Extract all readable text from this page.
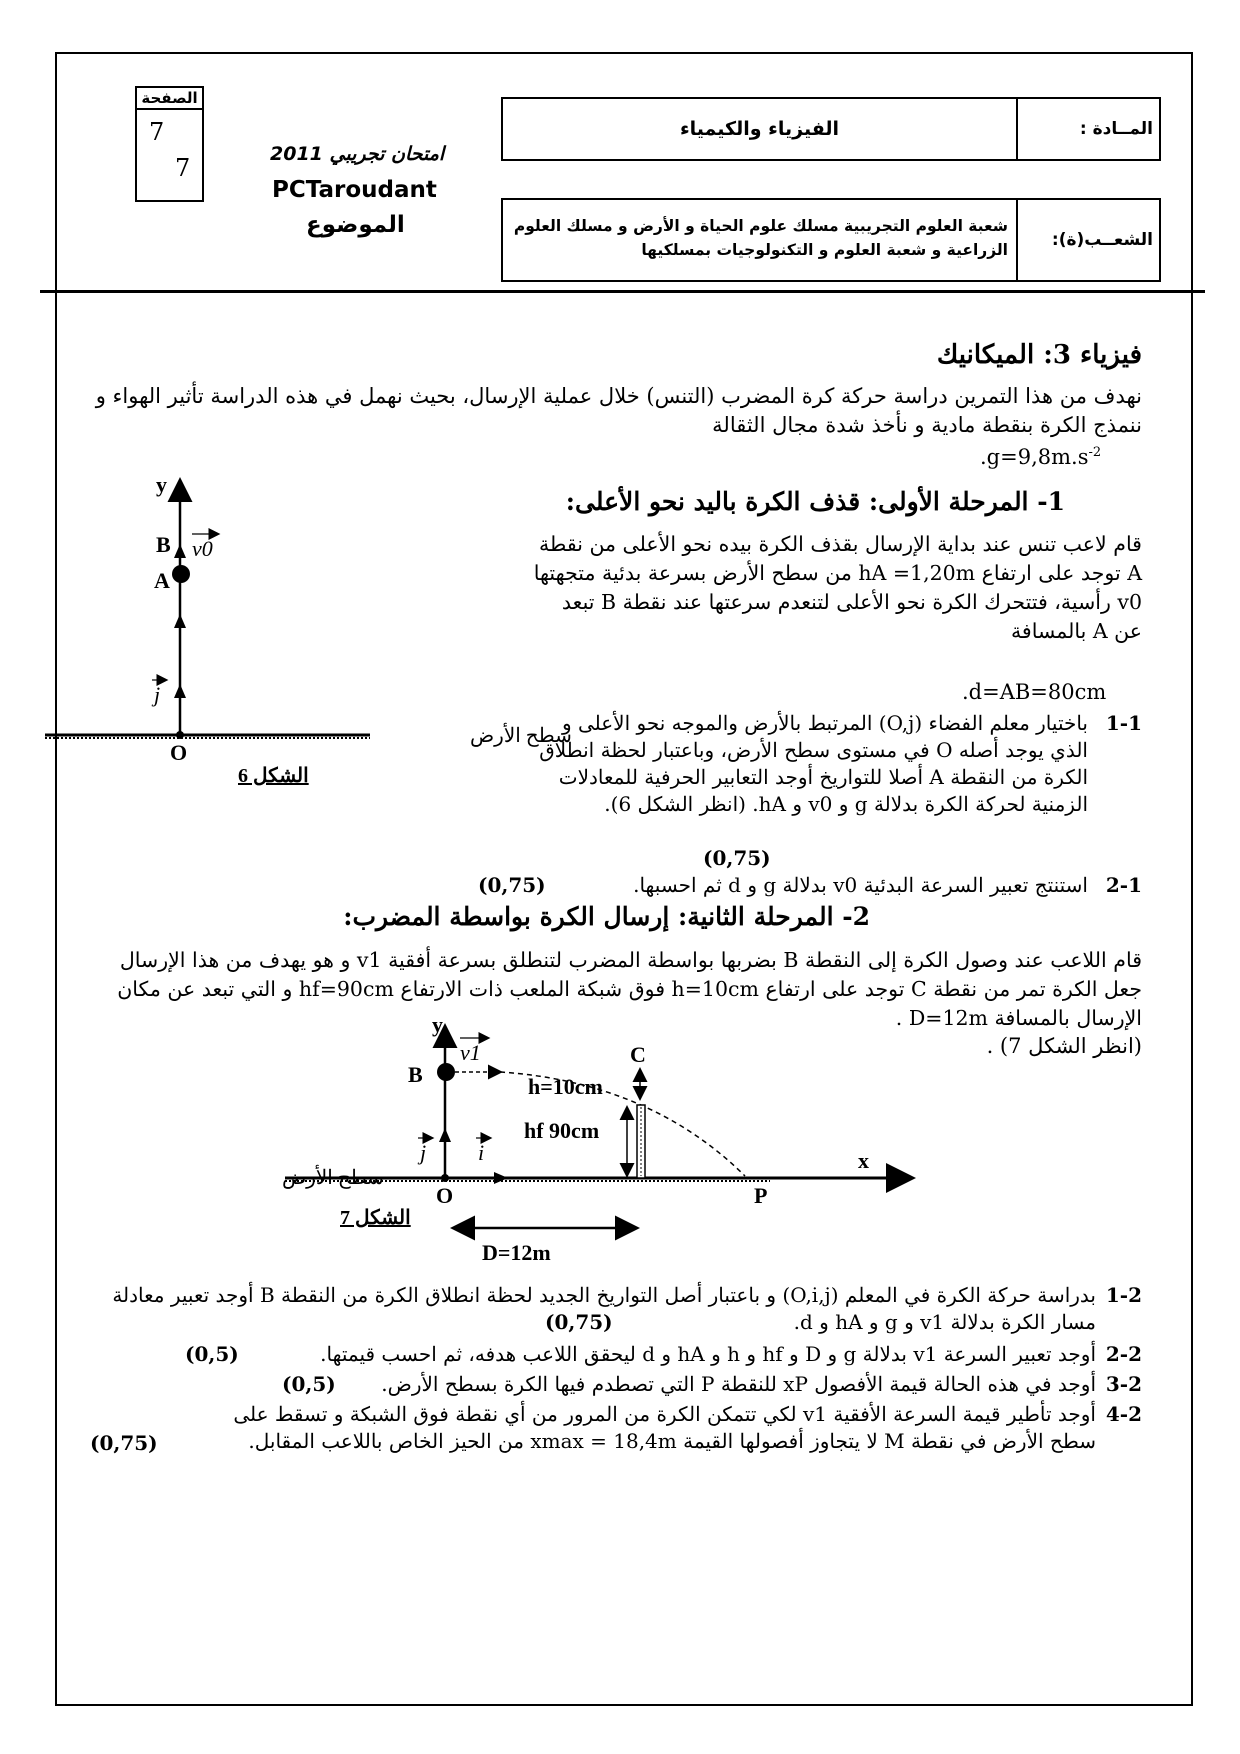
الصفحة
7
7	امتحان تجريبي 2011
PCTaroudant
الموضوع
الفيزياء والكيمياء	المــادة :
شعبة العلوم التجريبية مسلك علوم الحياة و الأرض و مسلك العلوم الزراعية و شعبة العلوم و التكنولوجيات بمسلكيها	الشعــب(ة):
فيزياء 3: الميكانيك
نهدف من هذا التمرين دراسة حركة كرة المضرب (التنس) خلال عملية الإرسال، بحيث نهمل في هذه الدراسة تأثير الهواء و ننمذج الكرة بنقطة مادية و نأخذ شدة مجال الثقالة
$.g=9,8m.s^{-2}$
1- المرحلة الأولى: قذف الكرة باليد نحو الأعلى:
قام لاعب تنس عند بداية الإرسال بقذف الكرة بيده نحو الأعلى من نقطة A توجد على ارتفاع hA =1,20m من سطح الأرض بسرعة بدئية متجهتها v0 رأسية، فتتحرك الكرة نحو الأعلى لتنعدم سرعتها عند نقطة B تبعد عن A بالمسافة
.d=AB=80cm
1-1
باختيار معلم الفضاء (O,j) المرتبط بالأرض والموجه نحو الأعلى و الذي يوجد أصله O في مستوى سطح الأرض، وباعتبار لحظة انطلاق الكرة من النقطة A أصلا للتواريخ أوجد التعابير الحرفية للمعادلات الزمنية لحركة الكرة بدلالة g و v0 و hA. (انظر الشكل 6).
(0,75)
2-1
استنتج تعبير السرعة البدئية v0 بدلالة g و d ثم احسبها.
(0,75)
y
B
A
v0
j
O
سطح الأرض
الشكل 6
2- المرحلة الثانية: إرسال الكرة بواسطة المضرب:
قام اللاعب عند وصول الكرة إلى النقطة B بضربها بواسطة المضرب لتنطلق بسرعة أفقية v1 و هو يهدف من هذا الإرسال جعل الكرة تمر من نقطة C توجد على ارتفاع h=10cm فوق شبكة الملعب ذات الارتفاع hf=90cm و التي تبعد عن مكان الإرسال بالمسافة D=12m .
(انظر الشكل 7) .
y
B
v1	C
h=10cm
hf 90cm
j i
O	P
x
D=12m
سطح الأرض
الشكل 7
1-2
بدراسة حركة الكرة في المعلم (O,i,j) و باعتبار أصل التواريخ الجديد لحظة انطلاق الكرة من النقطة B أوجد تعبير معادلة مسار الكرة بدلالة v1 و g و hA و d.
(0,75)
2-2
أوجد تعبير السرعة v1 بدلالة g و D و hf و h و hA و d ليحقق اللاعب هدفه، ثم احسب قيمتها.
(0,5)
3-2
أوجد في هذه الحالة قيمة الأفصول xP للنقطة P التي تصطدم فيها الكرة بسطح الأرض.
(0,5)
4-2
أوجد تأطير قيمة السرعة الأفقية v1 لكي تتمكن الكرة من المرور من أي نقطة فوق الشبكة و تسقط على سطح الأرض في نقطة M لا يتجاوز أفصولها القيمة xmax = 18,4m من الحيز الخاص باللاعب المقابل.
(0,75)
